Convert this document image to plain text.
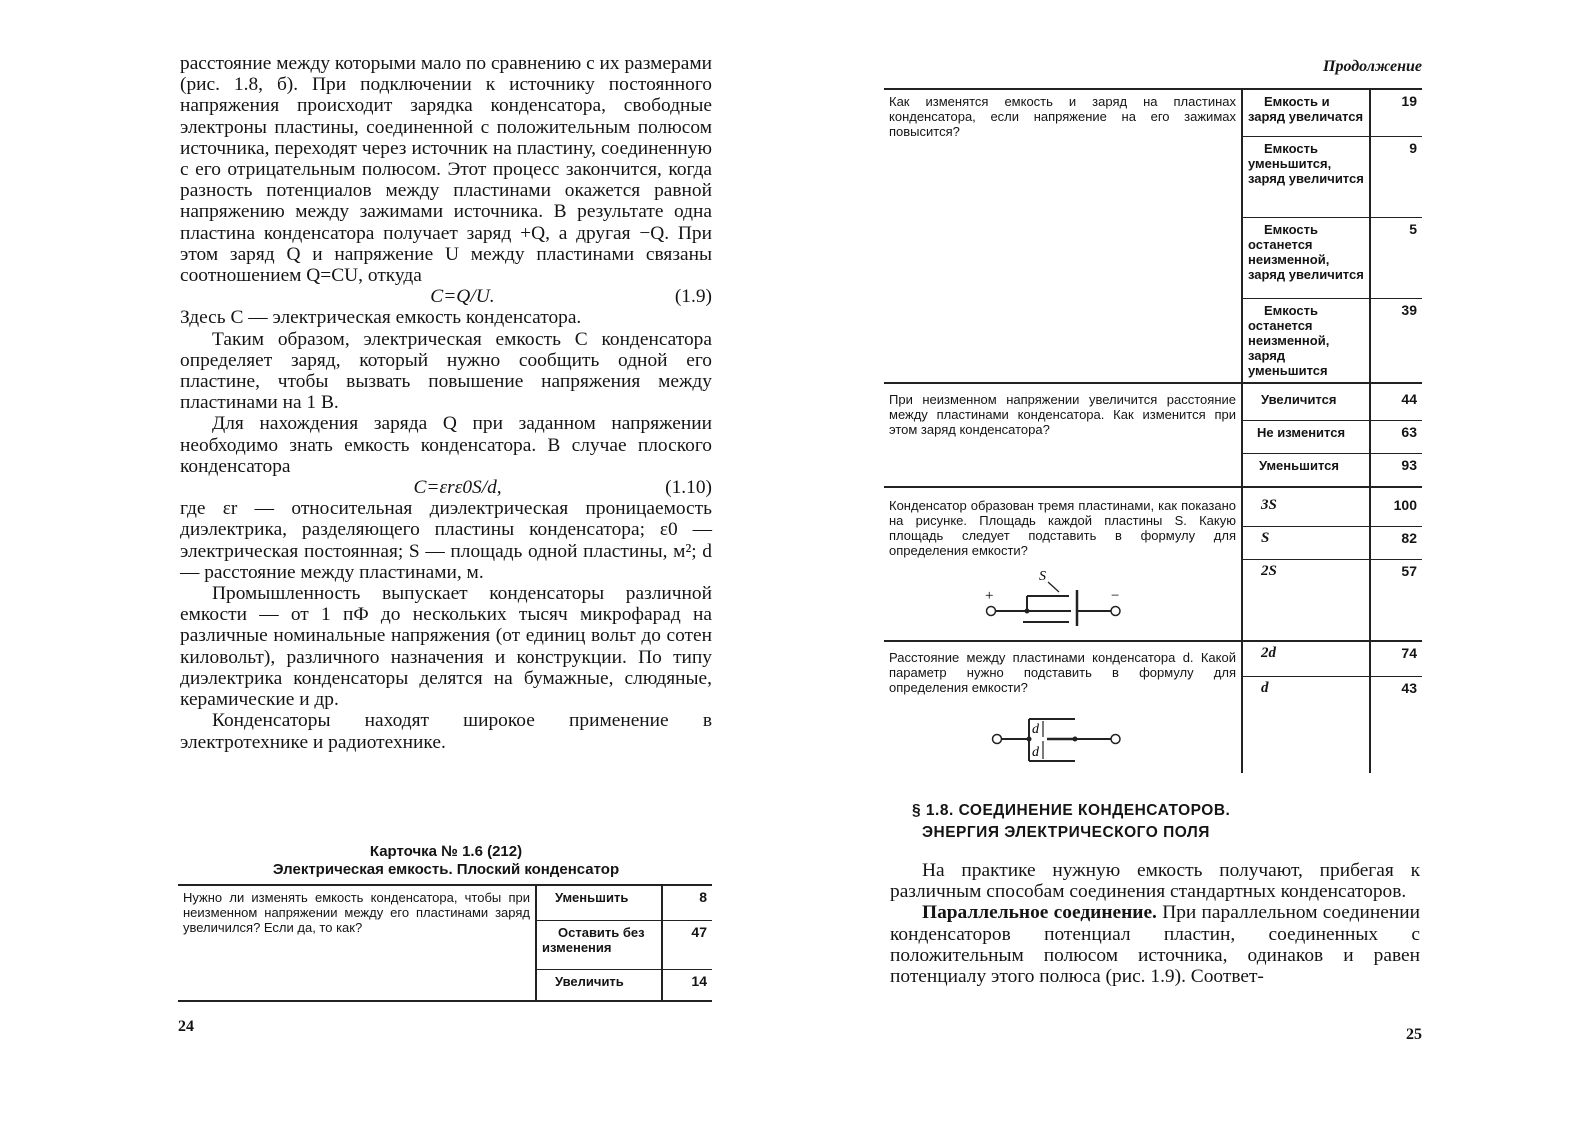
расстояние между которыми мало по сравнению с их размерами (рис. 1.8, б). При подключении к источнику постоянного напряжения происходит зарядка конденсатора, свободные электроны пластины, соединенной с положительным полюсом источника, переходят через источник на пластину, соединенную с его отрицательным полюсом. Этот процесс закончится, когда разность потенциалов между пластинами окажется равной напряжению между зажимами источника. В результате одна пластина конденсатора получает заряд +Q, а другая −Q. При этом заряд Q и напряжение U между пластинами связаны соотношением Q=CU, откуда

C=Q/U.	(1.9)

Здесь C — электрическая емкость конденсатора.

Таким образом, электрическая емкость C конденсатора определяет заряд, который нужно сообщить одной его пластине, чтобы вызвать повышение напряжения между пластинами на 1 В.

Для нахождения заряда Q при заданном напряжении необходимо знать емкость конденсатора. В случае плоского конденсатора

C=εrε0S/d,	(1.10)

где εr — относительная диэлектрическая проницаемость диэлектрика, разделяющего пластины конденсатора; ε0 — электрическая постоянная; S — площадь одной пластины, м²; d — расстояние между пластинами, м.

Промышленность выпускает конденсаторы различной емкости — от 1 пФ до нескольких тысяч микрофарад на различные номинальные напряжения (от единиц вольт до сотен киловольт), различного назначения и конструкции. По типу диэлектрика конденсаторы делятся на бумажные, слюдяные, керамические и др.

Конденсаторы находят широкое применение в электротехнике и радиотехнике.

Карточка № 1.6 (212)
Электрическая емкость. Плоский конденсатор
Нужно ли изменять емкость конденсатора, чтобы при неизменном напряжении между его пластинами заряд увеличился? Если да, то как?	Уменьшить	8
	Оставить без изменения	47
	Увеличить	14
24
Продолжение
Как изменятся емкость и заряд на пластинах конденсатора, если напряжение на его зажимах повысится?	Емкость и заряд увеличатся	19
	Емкость уменьшится, заряд увеличится	9
	Емкость останется неизменной, заряд увеличится	5
	Емкость останется неизменной, заряд уменьшится	39
При неизменном напряжении увеличится расстояние между пластинами конденсатора. Как изменится при этом заряд конденсатора?	Увеличится	44
	Не изменится	63
	Уменьшится	93

Конденсатор образован тремя пластинами, как показано на рисунке. Площадь каждой пластины S. Какую площадь следует подставить в формулу для определения емкости?
S
+ −	3S	100
	S	82
	2S	57

Расстояние между пластинами конденсатора d. Какой параметр нужно подставить в формулу для определения емкости?
d
d	2d	74
	d	43
§ 1.8. СОЕДИНЕНИЕ КОНДЕНСАТОРОВ.
ЭНЕРГИЯ ЭЛЕКТРИЧЕСКОГО ПОЛЯ

На практике нужную емкость получают, прибегая к различным способам соединения стандартных конденсаторов.

Параллельное соединение. При параллельном соединении конденсаторов потенциал пластин, соединенных с положительным полюсом источника, одинаков и равен потенциалу этого полюса (рис. 1.9). Соответ-

25
